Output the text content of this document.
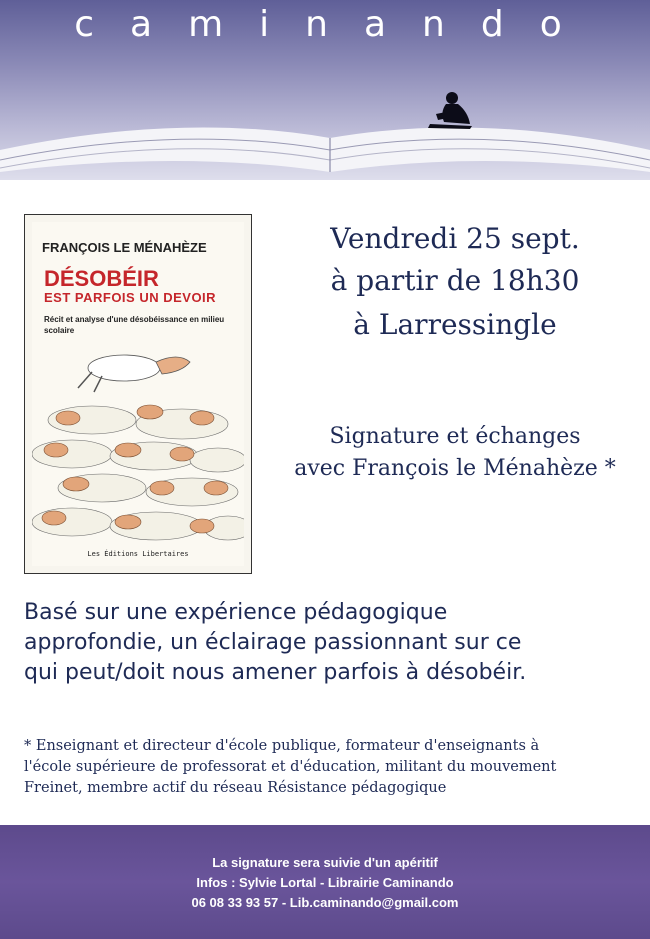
caminando
FRANÇOIS LE MÉNAHÈZE
DÉSOBÉIR
EST PARFOIS UN DEVOIR
Récit et analyse d'une désobéissance en milieu scolaire
Les Éditions Libertaires
Vendredi 25 sept.
à partir de 18h30
à Larressingle
Signature et échanges
avec François le Ménahèze *
Basé sur une expérience pédagogique
approfondie, un éclairage passionnant sur ce
qui peut/doit nous amener parfois à désobéir.
* Enseignant et directeur d'école publique, formateur d'enseignants à
l'école supérieure de professorat et d'éducation, militant du mouvement
Freinet, membre actif du réseau Résistance pédagogique
La signature sera suivie d'un apéritif
Infos : Sylvie Lortal - Librairie Caminando
06 08 33 93 57 - Lib.caminando@gmail.com
